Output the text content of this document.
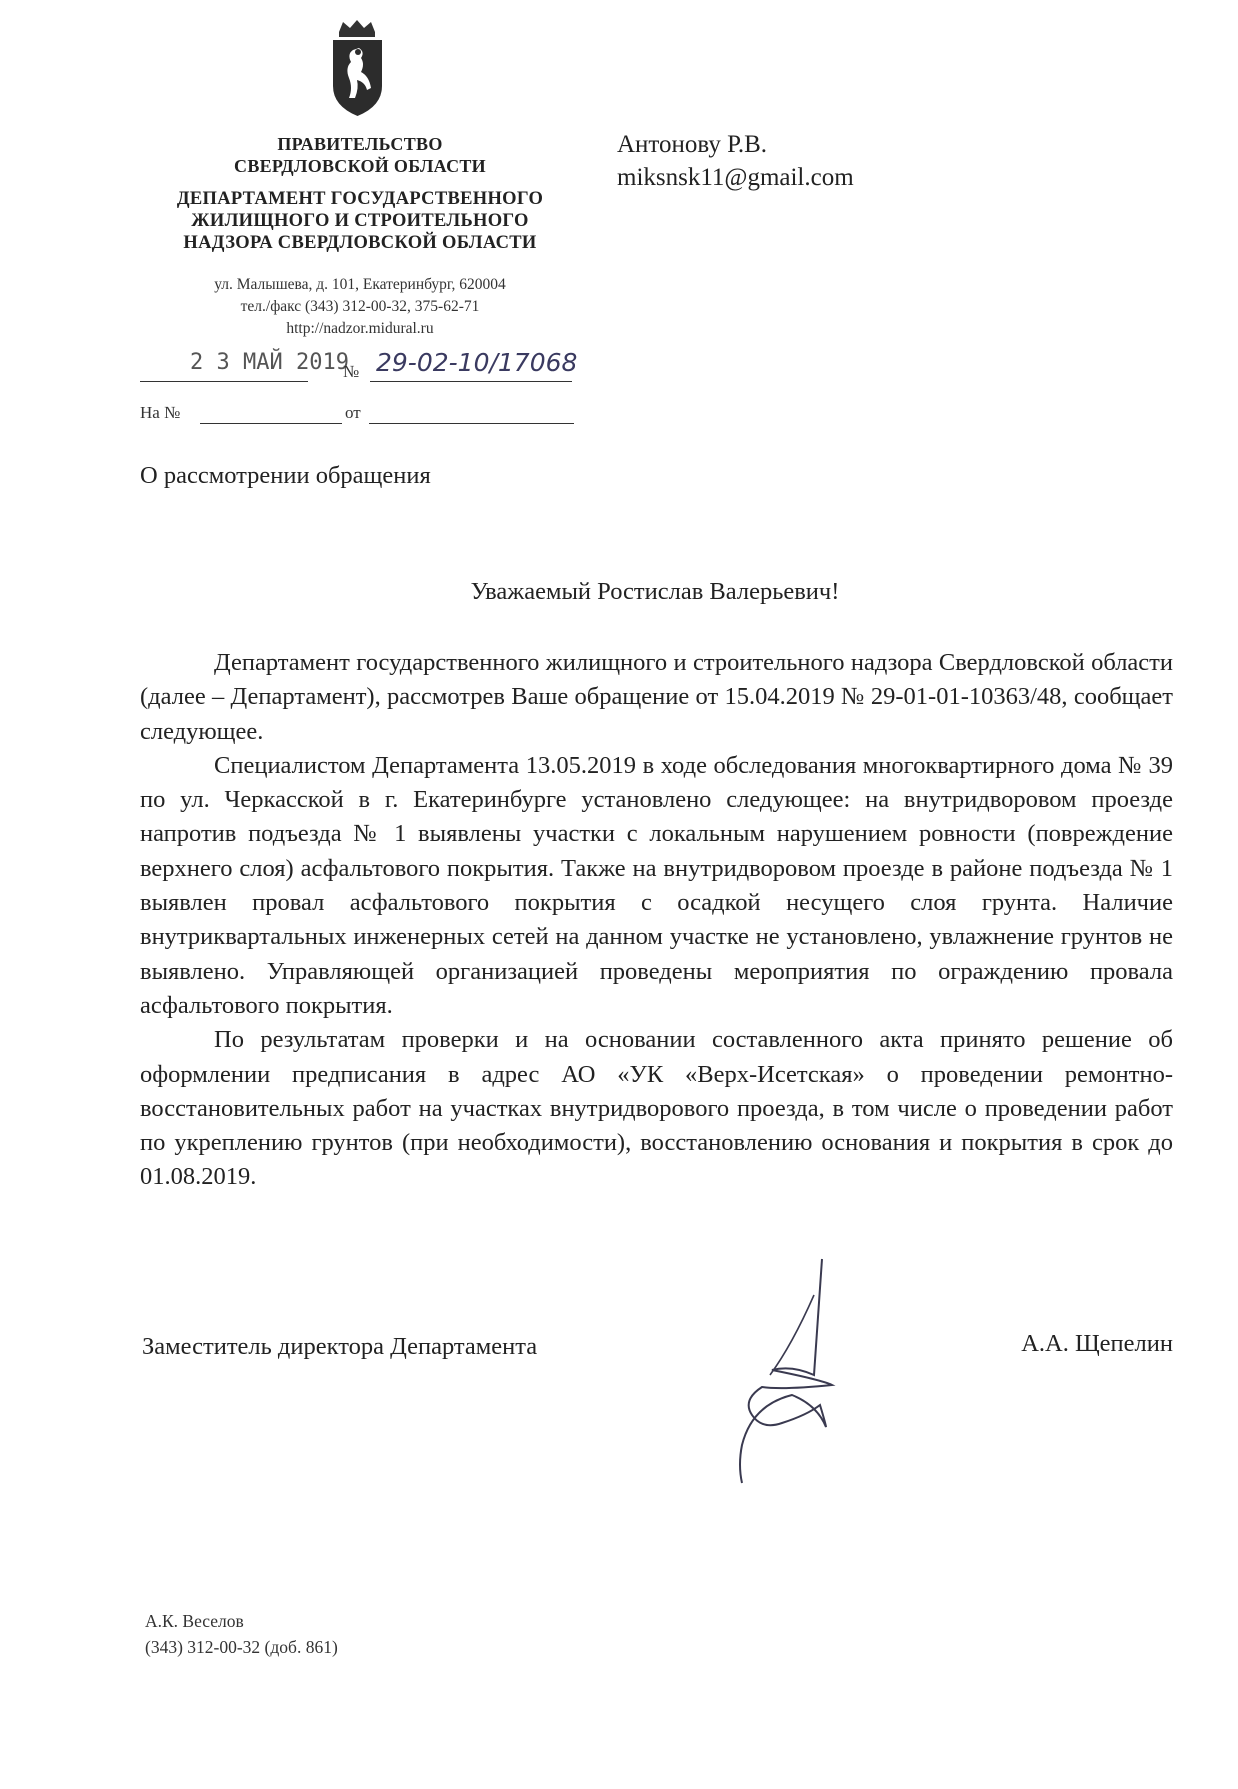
ПРАВИТЕЛЬСТВО
СВЕРДЛОВСКОЙ ОБЛАСТИ
ДЕПАРТАМЕНТ ГОСУДАРСТВЕННОГО
ЖИЛИЩНОГО И СТРОИТЕЛЬНОГО
НАДЗОРА СВЕРДЛОВСКОЙ ОБЛАСТИ
ул. Малышева, д. 101, Екатеринбург, 620004
тел./факс (343) 312-00-32, 375-62-71
http://nadzor.midural.ru
2 3 МАЙ 2019
№ 29-02-10/17068
На №	от
Антонову Р.В.
miksnsk11@gmail.com
О рассмотрении обращения
Уважаемый Ростислав Валерьевич!

Департамент государственного жилищного и строительного надзора Свердловской области (далее – Департамент), рассмотрев Ваше обращение от 15.04.2019 № 29-01-01-10363/48, сообщает следующее.

Специалистом Департамента 13.05.2019 в ходе обследования многоквартирного дома № 39 по ул. Черкасской в г. Екатеринбурге установлено следующее: на внутридворовом проезде напротив подъезда № 1 выявлены участки с локальным нарушением ровности (повреждение верхнего слоя) асфальтового покрытия. Также на внутридворовом проезде в районе подъезда № 1 выявлен провал асфальтового покрытия с осадкой несущего слоя грунта. Наличие внутриквартальных инженерных сетей на данном участке не установлено, увлажнение грунтов не выявлено. Управляющей организацией проведены мероприятия по ограждению провала асфальтового покрытия.

По результатам проверки и на основании составленного акта принято решение об оформлении предписания в адрес АО «УК «Верх-Исетская» о проведении ремонтно-восстановительных работ на участках внутридворового проезда, в том числе о проведении работ по укреплению грунтов (при необходимости), восстановлению основания и покрытия в срок до 01.08.2019.

Заместитель директора Департамента	А.А. Щепелин
А.К. Веселов
(343) 312-00-32 (доб. 861)
